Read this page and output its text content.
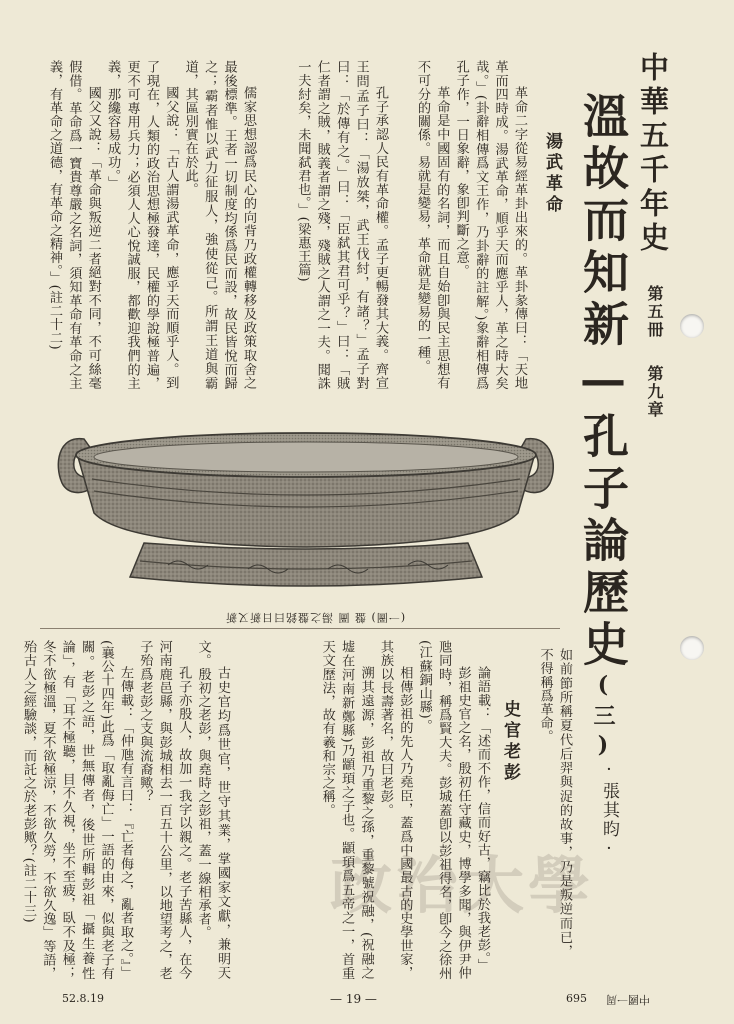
中華五千年史
溫故而知新—孔子論歷史(三)
第五冊
第九章
·張其昀·

如前節所稱夏代后羿與浞的故事，乃是叛逆而已，不得稱爲革命。

湯武革命

革命二字從易經革卦出來的。革卦彖傳曰：「天地革而四時成。湯武革命，順乎天而應乎人，革之時大矣哉。」(卦辭相傳爲文王作，乃卦辭的註解。)象辭相傳爲孔子作，一日象辭，象卽判斷之意。

革命是中國固有的名詞，而且自始卽與民主思想有不可分的關係。易就是變易，革命就是變易的一種。

孔子承認人民有革命權。孟子更暢發其大義。齊宣王問孟子曰：「湯放桀，武王伐紂，有諸？」孟子對曰：「於傳有之。」曰：「臣弑其君可乎？」曰：「賊仁者謂之賊，賊義者謂之殘，殘賊之人謂之一夫。聞誅一夫紂矣，未聞弑君也。」(梁惠王篇)

儒家思想認爲民心的向背乃政權轉移及政策取舍之最後標準。王者一切制度均係爲民而設，故民皆悅而歸之；霸者惟以武力征服人，強使從己。所謂王道與霸道，其區別實在於此。

國父說：「古人謂湯武革命，應乎天而順乎人。到了現在，人類的政治思想極發達，民權的學說極普遍，更不可專用兵力；必須人人心悅誠服，都歡迎我們的主義，那纔容易成功。」

國父又說：「革命與叛逆二者絕對不同，不可絲毫假借。革命爲一寶貴尊嚴之名詞，須知革命有革命之主義，有革命之道德，有革命之精神。」(註二十二)

(一圖) 盤 圖 湯之盤銘曰日新又新
史官老彭

論語載：「述而不作，信而好古，竊比於我老彭。」

彭祖史官之名，殷初任守藏史，博學多聞，與伊尹仲虺同時，稱爲賢大夫。彭城蓋卽以彭祖得名，卽今之徐州(江蘇銅山縣)。

相傳彭祖的先人乃堯臣，蓋爲中國最古的史學世家，其族以長壽著名，故曰老彭。

溯其遠源，彭祖乃重黎之孫，重黎號祝融，(祝融之墟在河南新鄭縣)乃顓頊之子也。顓頊爲五帝之一，首重天文歷法，故有羲和宗之稱。

古史官均爲世官，世守其業，掌國家文獻，兼明天文。殷初之老彭，與堯時之彭祖，蓋一線相承者。

孔子亦殷人，故加一我字以親之。老子苦縣人，在今河南鹿邑縣，與彭城相去一百五十公里，以地望考之，老子殆爲老彭之支與流裔歟？

左傳載：「仲虺有言曰：『亡者侮之，亂者取之。』」(襄公十四年)此爲「取亂侮亡」一語的由來，似與老子有關。老彭之語，世無傳者，後世所輯彭祖「攝生養性論」，有「耳不極聽，目不久視，坐不至疲，臥不及極；冬不欲極溫，夏不欲極涼，不欲久勞，不欲久逸」等語，殆古人之經驗談，而託之於老彭歟？(註二十三)	政治大學
52.8.19	— 19 —	695 中國一周
